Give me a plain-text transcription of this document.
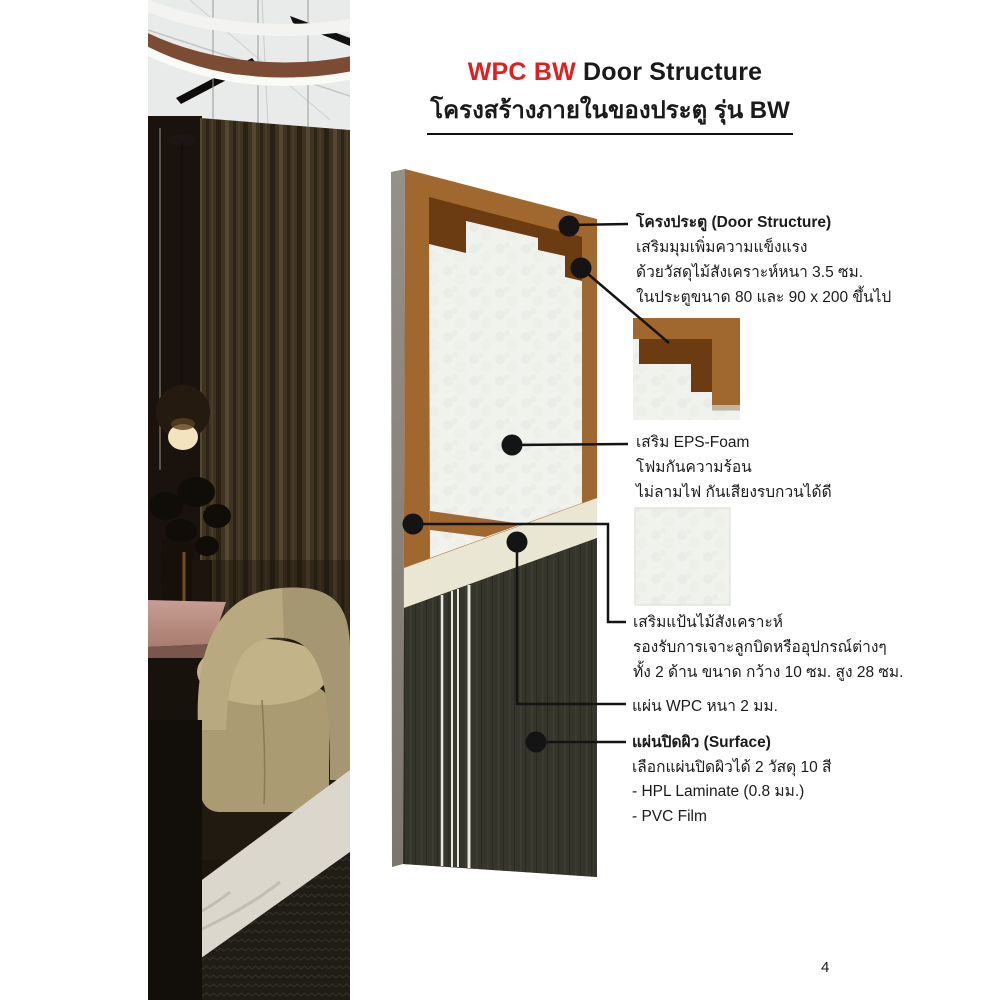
WPC BW Door Structure
โครงสร้างภายในของประตู รุ่น BW
โครงประตู (Door Structure)
เสริมมุมเพิ่มความแข็งแรง
ด้วยวัสดุไม้สังเคราะห์หนา 3.5 ซม.
ในประตูขนาด 80 และ 90 x 200 ขึ้นไป
เสริม EPS-Foam
โฟมกันความร้อน
ไม่ลามไฟ กันเสียงรบกวนได้ดี
เสริมแป้นไม้สังเคราะห์
รองรับการเจาะลูกบิดหรืออุปกรณ์ต่างๆ
ทั้ง 2 ด้าน ขนาด กว้าง 10 ซม. สูง 28 ซม.
แผ่น WPC หนา 2 มม.
แผ่นปิดผิว (Surface)
เลือกแผ่นปิดผิวได้ 2 วัสดุ 10 สี
- HPL Laminate (0.8 มม.)
- PVC Film
4
